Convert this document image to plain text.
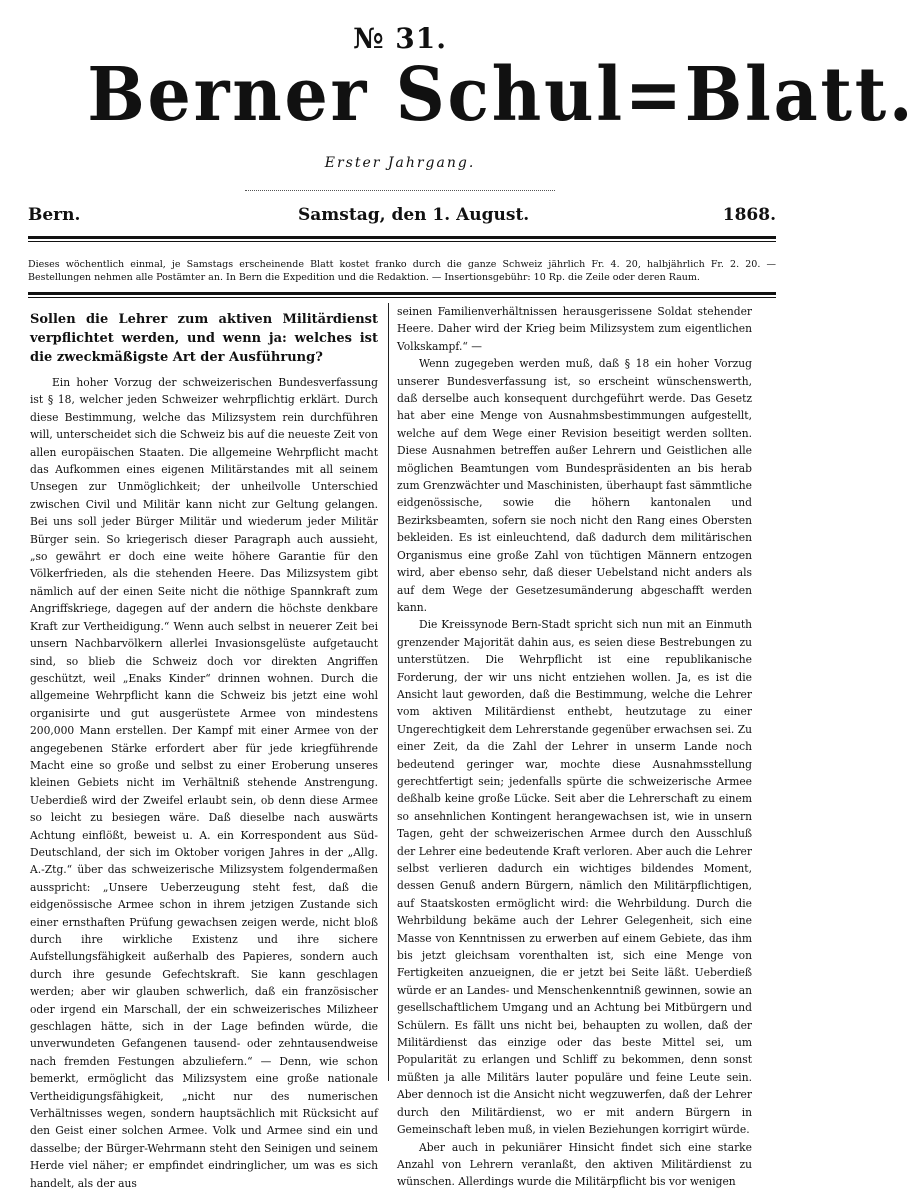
№ 31.
Berner Schul=Blatt.
Erster Jahrgang.
Bern.	Samstag, den 1. August.	1868.
Dieses wöchentlich einmal, je Samstags erscheinende Blatt kostet franko durch die ganze Schweiz jährlich Fr. 4. 20, halbjährlich Fr. 2. 20. — Bestellungen nehmen alle Postämter an. In Bern die Expedition und die Redaktion. — Insertionsgebühr: 10 Rp. die Zeile oder deren Raum.
Sollen die Lehrer zum aktiven Militärdienst verpflichtet werden, und wenn ja: welches ist die zweckmäßigste Art der Ausführung?

Ein hoher Vorzug der schweizerischen Bundesverfassung ist § 18, welcher jeden Schweizer wehrpflichtig erklärt. Durch diese Bestimmung, welche das Milizsystem rein durchführen will, unterscheidet sich die Schweiz bis auf die neueste Zeit von allen europäischen Staaten. Die allgemeine Wehrpflicht macht das Aufkommen eines eigenen Militärstandes mit all seinem Unsegen zur Unmöglichkeit; der unheilvolle Unterschied zwischen Civil und Militär kann nicht zur Geltung gelangen. Bei uns soll jeder Bürger Militär und wiederum jeder Militär Bürger sein. So kriegerisch dieser Paragraph auch aussieht, „so gewährt er doch eine weite höhere Garantie für den Völkerfrieden, als die stehenden Heere. Das Milizsystem gibt nämlich auf der einen Seite nicht die nöthige Spannkraft zum Angriffskriege, dagegen auf der andern die höchste denkbare Kraft zur Vertheidigung.“ Wenn auch selbst in neuerer Zeit bei unsern Nachbarvölkern allerlei Invasionsgelüste aufgetaucht sind, so blieb die Schweiz doch vor direkten Angriffen geschützt, weil „Enaks Kinder“ drinnen wohnen. Durch die allgemeine Wehrpflicht kann die Schweiz bis jetzt eine wohl organisirte und gut ausgerüstete Armee von mindestens 200,000 Mann erstellen. Der Kampf mit einer Armee von der angegebenen Stärke erfordert aber für jede kriegführende Macht eine so große und selbst zu einer Eroberung unseres kleinen Gebiets nicht im Verhältniß stehende Anstrengung. Ueberdieß wird der Zweifel erlaubt sein, ob denn diese Armee so leicht zu besiegen wäre. Daß dieselbe nach auswärts Achtung einflößt, beweist u. A. ein Korrespondent aus Süd-Deutschland, der sich im Oktober vorigen Jahres in der „Allg. A.-Ztg.“ über das schweizerische Milizsystem folgendermaßen ausspricht: „Unsere Ueberzeugung steht fest, daß die eidgenössische Armee schon in ihrem jetzigen Zustande sich einer ernsthaften Prüfung gewachsen zeigen werde, nicht bloß durch ihre wirkliche Existenz und ihre sichere Aufstellungsfähigkeit außerhalb des Papieres, sondern auch durch ihre gesunde Gefechtskraft. Sie kann geschlagen werden; aber wir glauben schwerlich, daß ein französischer oder irgend ein Marschall, der ein schweizerisches Milizheer geschlagen hätte, sich in der Lage befinden würde, die unverwundeten Gefangenen tausend- oder zehntausendweise nach fremden Festungen abzuliefern.“ — Denn, wie schon bemerkt, ermöglicht das Milizsystem eine große nationale Vertheidigungsfähigkeit, „nicht nur des numerischen Verhältnisses wegen, sondern hauptsächlich mit Rücksicht auf den Geist einer solchen Armee. Volk und Armee sind ein und dasselbe; der Bürger-Wehrmann steht den Seinigen und seinem Herde viel näher; er empfindet eindringlicher, um was es sich handelt, als der aus

seinen Familienverhältnissen herausgerissene Soldat stehender Heere. Daher wird der Krieg beim Milizsystem zum eigentlichen Volkskampf.“ —

Wenn zugegeben werden muß, daß § 18 ein hoher Vorzug unserer Bundesverfassung ist, so erscheint wünschenswerth, daß derselbe auch konsequent durchgeführt werde. Das Gesetz hat aber eine Menge von Ausnahmsbestimmungen aufgestellt, welche auf dem Wege einer Revision beseitigt werden sollten. Diese Ausnahmen betreffen außer Lehrern und Geistlichen alle möglichen Beamtungen vom Bundespräsidenten an bis herab zum Grenzwächter und Maschinisten, überhaupt fast sämmtliche eidgenössische, sowie die höhern kantonalen und Bezirksbeamten, sofern sie noch nicht den Rang eines Obersten bekleiden. Es ist einleuchtend, daß dadurch dem militärischen Organismus eine große Zahl von tüchtigen Männern entzogen wird, aber ebenso sehr, daß dieser Uebelstand nicht anders als auf dem Wege der Gesetzesumänderung abgeschafft werden kann.

Die Kreissynode Bern-Stadt spricht sich nun mit an Einmuth grenzender Majorität dahin aus, es seien diese Bestrebungen zu unterstützen. Die Wehrpflicht ist eine republikanische Forderung, der wir uns nicht entziehen wollen. Ja, es ist die Ansicht laut geworden, daß die Bestimmung, welche die Lehrer vom aktiven Militärdienst enthebt, heutzutage zu einer Ungerechtigkeit dem Lehrerstande gegenüber erwachsen sei. Zu einer Zeit, da die Zahl der Lehrer in unserm Lande noch bedeutend geringer war, mochte diese Ausnahmsstellung gerechtfertigt sein; jedenfalls spürte die schweizerische Armee deßhalb keine große Lücke. Seit aber die Lehrerschaft zu einem so ansehnlichen Kontingent herangewachsen ist, wie in unsern Tagen, geht der schweizerischen Armee durch den Ausschluß der Lehrer eine bedeutende Kraft verloren. Aber auch die Lehrer selbst verlieren dadurch ein wichtiges bildendes Moment, dessen Genuß andern Bürgern, nämlich den Militärpflichtigen, auf Staatskosten ermöglicht wird: die Wehrbildung. Durch die Wehrbildung bekäme auch der Lehrer Gelegenheit, sich eine Masse von Kenntnissen zu erwerben auf einem Gebiete, das ihm bis jetzt gleichsam vorenthalten ist, sich eine Menge von Fertigkeiten anzueignen, die er jetzt bei Seite läßt. Ueberdieß würde er an Landes- und Menschenkenntniß gewinnen, sowie an gesellschaftlichem Umgang und an Achtung bei Mitbürgern und Schülern. Es fällt uns nicht bei, behaupten zu wollen, daß der Militärdienst das einzige oder das beste Mittel sei, um Popularität zu erlangen und Schliff zu bekommen, denn sonst müßten ja alle Militärs lauter populäre und feine Leute sein. Aber dennoch ist die Ansicht nicht wegzuwerfen, daß der Lehrer durch den Militärdienst, wo er mit andern Bürgern in Gemeinschaft leben muß, in vielen Beziehungen korrigirt würde.

Aber auch in pekuniärer Hinsicht findet sich eine starke Anzahl von Lehrern veranlaßt, den aktiven Militärdienst zu wünschen. Allerdings wurde die Militärpflicht bis vor wenigen
